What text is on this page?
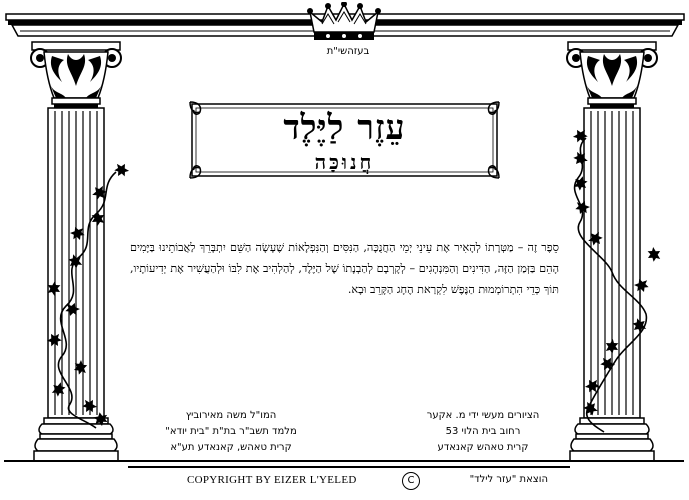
בעזהשי"ת
עֵזֶר לַיֶּלֶד
חֲנוּכָּה
סֵפֶר זֶה – מַטְּרָתוֹ לְהָאִיר אֶת עֵינֵי יְמֵי הַחֲנֻכָּה, הַנִּסִּים וְהַנִּפְלָאוֹת שֶׁעָשָׂה הַשֵּׁם יִתְבָּרֵךְ לַאֲבוֹתֵינוּ בַּיָּמִים הָהֵם בַּזְּמַן הַזֶּה, הַדִּינִים וְהַמִּנְהָגִים – לְקָרְבָם לְהַבְנָתוֹ שֶׁל הַיֶּלֶד, לְהַלְהִיב אֶת לִבּוֹ וּלְהַעֲשִׁיר אֶת יְדִיעוֹתָיו, תּוֹךְ כְּדֵי הִתְרוֹמְמוּת הַנֶּפֶשׁ לִקְרַאת הֶחָג הַקָּרֵב וּבָא.
המו"ל משה מאירוביץ
מלמד תשב"ר בת"ת "בית יודא"
קרית טאהש, קאנאדע תע"א
הציורים מעשי ידי מ. אקער
רחוב בית הלוי 53
קרית טאהש קאנאדע
COPYRIGHT BY EIZER L'YELED	C	הוצאת "עזר לילד"
